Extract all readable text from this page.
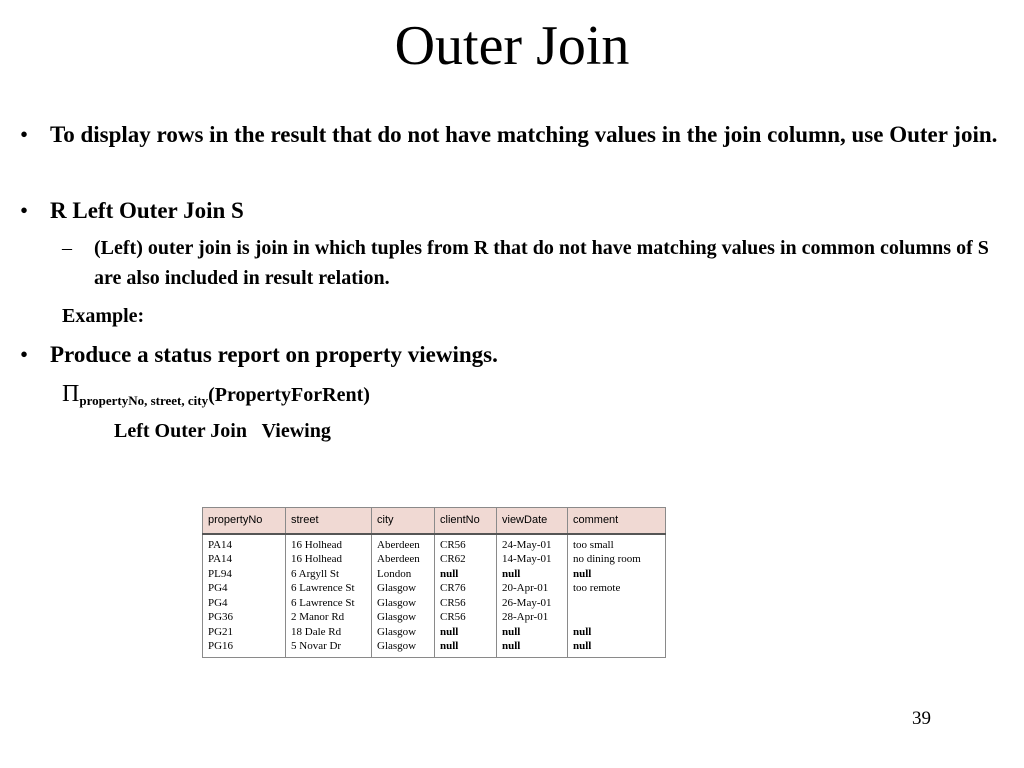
Outer Join
• To display rows in the result that do not have matching values in the join column, use Outer join.
• R Left Outer Join S
– (Left) outer join is join in which tuples from R that do not have matching values in common columns of S are also included in result relation.
Example:
• Produce a status report on property viewings.
$\Pi_{propertyNo, street, city}(PropertyForRent)$
Left Outer Join   Viewing
propertyNo	street	city	clientNo	viewDate	comment
PA14	16 Holhead	Aberdeen	CR56	24-May-01	too small
PA14	16 Holhead	Aberdeen	CR62	14-May-01	no dining room
PL94	6 Argyll St	London	null	null	null
PG4	6 Lawrence St	Glasgow	CR76	20-Apr-01	too remote
PG4	6 Lawrence St	Glasgow	CR56	26-May-01	
PG36	2 Manor Rd	Glasgow	CR56	28-Apr-01	
PG21	18 Dale Rd	Glasgow	null	null	null
PG16	5 Novar Dr	Glasgow	null	null	null
39
